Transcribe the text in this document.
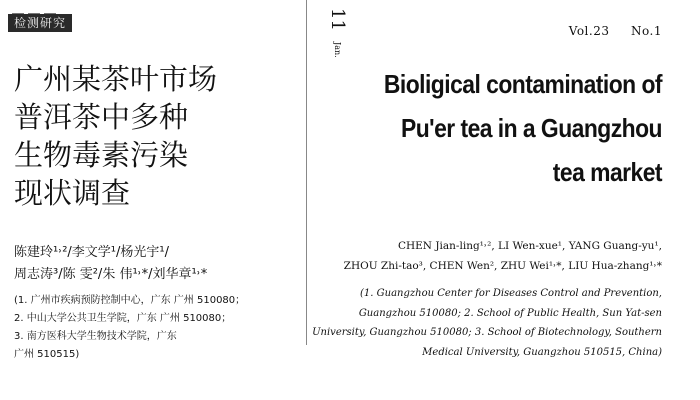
检测研究
广州某茶叶市场
普洱茶中多种
生物毒素污染
现状调查
陈建玲¹˒²/李文学¹/杨光宇¹/
周志涛³/陈 雯²/朱 伟¹˒*/刘华章¹˒*
(1. 广州市疾病预防控制中心，广东 广州 510080；
2. 中山大学公共卫生学院，广东 广州 510080；
3. 南方医科大学生物技术学院，广东
广州 510515)
11
Jan.
Vol.23     No.1
Bioligical contamination of
Pu'er tea in a Guangzhou
tea market
CHEN Jian-ling¹˒², LI Wen-xue¹, YANG Guang-yu¹,
ZHOU Zhi-tao³, CHEN Wen², ZHU Wei¹˒*, LIU Hua-zhang¹˒*
(1. Guangzhou Center for Diseases Control and Prevention,
Guangzhou 510080; 2. School of Public Health, Sun Yat-sen
University, Guangzhou 510080; 3. School of Biotechnology, Southern
Medical University, Guangzhou 510515, China)
